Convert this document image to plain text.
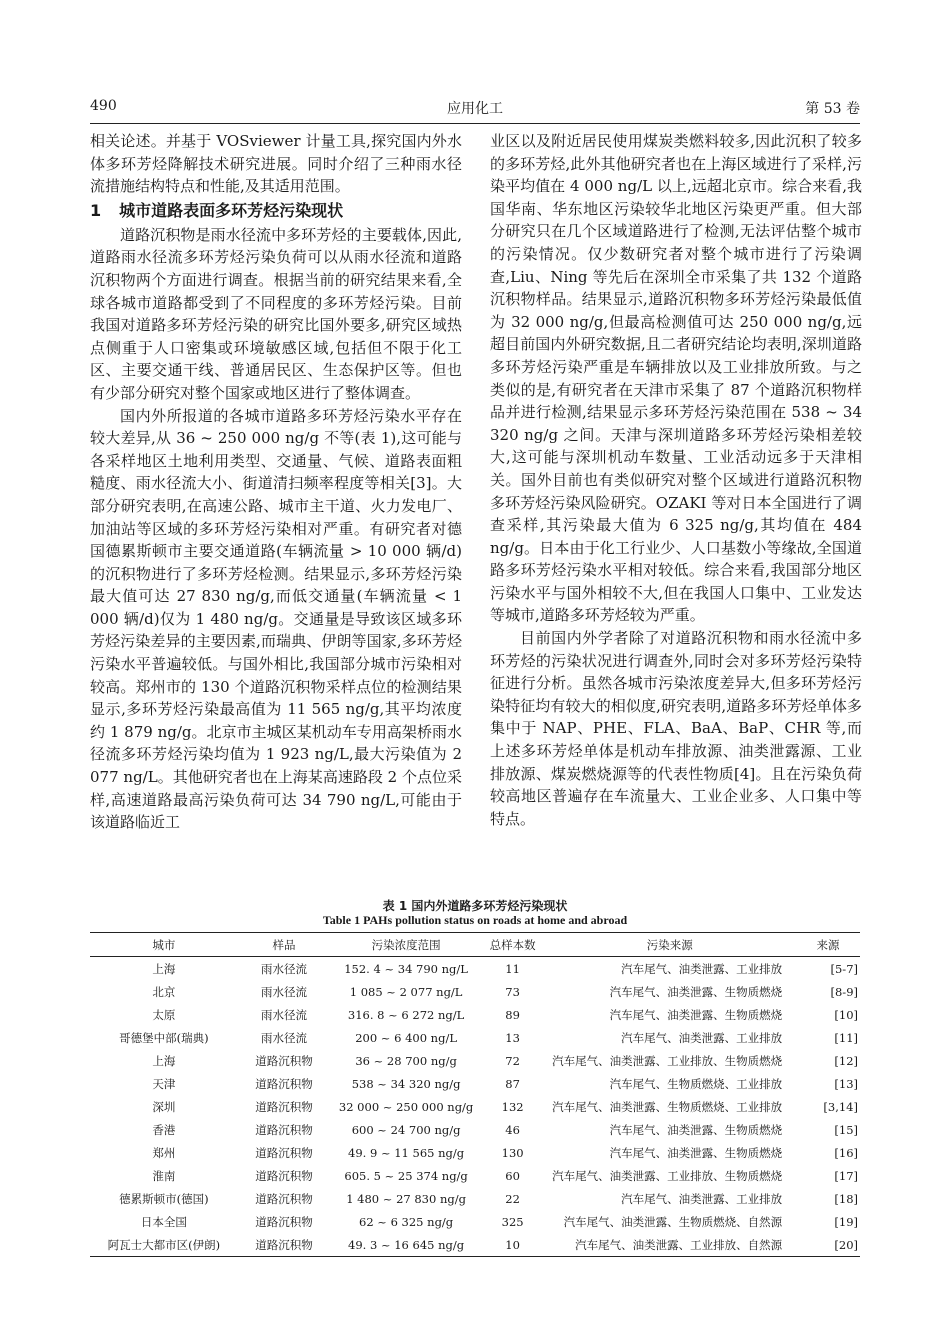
490	应用化工	第 53 卷

相关论述。并基于 VOSviewer 计量工具,探究国内外水体多环芳烃降解技术研究进展。同时介绍了三种雨水径流措施结构特点和性能,及其适用范围。

1 城市道路表面多环芳烃污染现状

道路沉积物是雨水径流中多环芳烃的主要载体,因此,道路雨水径流多环芳烃污染负荷可以从雨水径流和道路沉积物两个方面进行调查。根据当前的研究结果来看,全球各城市道路都受到了不同程度的多环芳烃污染。目前我国对道路多环芳烃污染的研究比国外要多,研究区域热点侧重于人口密集或环境敏感区域,包括但不限于化工区、主要交通干线、普通居民区、生态保护区等。但也有少部分研究对整个国家或地区进行了整体调查。

国内外所报道的各城市道路多环芳烃污染水平存在较大差异,从 36 ~ 250 000 ng/g 不等(表 1),这可能与各采样地区土地利用类型、交通量、气候、道路表面粗糙度、雨水径流大小、街道清扫频率程度等相关[3]。大部分研究表明,在高速公路、城市主干道、火力发电厂、加油站等区域的多环芳烃污染相对严重。有研究者对德国德累斯顿市主要交通道路(车辆流量 > 10 000 辆/d)的沉积物进行了多环芳烃检测。结果显示,多环芳烃污染最大值可达 27 830 ng/g,而低交通量(车辆流量 < 1 000 辆/d)仅为 1 480 ng/g。交通量是导致该区域多环芳烃污染差异的主要因素,而瑞典、伊朗等国家,多环芳烃污染水平普遍较低。与国外相比,我国部分城市污染相对较高。郑州市的 130 个道路沉积物采样点位的检测结果显示,多环芳烃污染最高值为 11 565 ng/g,其平均浓度约 1 879 ng/g。北京市主城区某机动车专用高架桥雨水径流多环芳烃污染均值为 1 923 ng/L,最大污染值为 2 077 ng/L。其他研究者也在上海某高速路段 2 个点位采样,高速道路最高污染负荷可达 34 790 ng/L,可能由于该道路临近工

业区以及附近居民使用煤炭类燃料较多,因此沉积了较多的多环芳烃,此外其他研究者也在上海区域进行了采样,污染平均值在 4 000 ng/L 以上,远超北京市。综合来看,我国华南、华东地区污染较华北地区污染更严重。但大部分研究只在几个区域道路进行了检测,无法评估整个城市的污染情况。仅少数研究者对整个城市进行了污染调查,Liu、Ning 等先后在深圳全市采集了共 132 个道路沉积物样品。结果显示,道路沉积物多环芳烃污染最低值为 32 000 ng/g,但最高检测值可达 250 000 ng/g,远超目前国内外研究数据,且二者研究结论均表明,深圳道路多环芳烃污染严重是车辆排放以及工业排放所致。与之类似的是,有研究者在天津市采集了 87 个道路沉积物样品并进行检测,结果显示多环芳烃污染范围在 538 ~ 34 320 ng/g 之间。天津与深圳道路多环芳烃污染相差较大,这可能与深圳机动车数量、工业活动远多于天津相关。国外目前也有类似研究对整个区域进行道路沉积物多环芳烃污染风险研究。OZAKI 等对日本全国进行了调查采样,其污染最大值为 6 325 ng/g,其均值在 484 ng/g。日本由于化工行业少、人口基数小等缘故,全国道路多环芳烃污染水平相对较低。综合来看,我国部分地区污染水平与国外相较不大,但在我国人口集中、工业发达等城市,道路多环芳烃较为严重。

目前国内外学者除了对道路沉积物和雨水径流中多环芳烃的污染状况进行调查外,同时会对多环芳烃污染特征进行分析。虽然各城市污染浓度差异大,但多环芳烃污染特征均有较大的相似度,研究表明,道路多环芳烃单体多集中于 NAP、PHE、FLA、BaA、BaP、CHR 等,而上述多环芳烃单体是机动车排放源、油类泄露源、工业排放源、煤炭燃烧源等的代表性物质[4]。且在污染负荷较高地区普遍存在车流量大、工业企业多、人口集中等特点。

表 1 国内外道路多环芳烃污染现状
Table 1 PAHs pollution status on roads at home and abroad
城市	样品	污染浓度范围	总样本数	污染来源	来源
上海	雨水径流	152. 4 ~ 34 790 ng/L	11	汽车尾气、油类泄露、工业排放	[5-7]
北京	雨水径流	1 085 ~ 2 077 ng/L	73	汽车尾气、油类泄露、生物质燃烧	[8-9]
太原	雨水径流	316. 8 ~ 6 272 ng/L	89	汽车尾气、油类泄露、生物质燃烧	[10]
哥德堡中部(瑞典)	雨水径流	200 ~ 6 400 ng/L	13	汽车尾气、油类泄露、工业排放	[11]
上海	道路沉积物	36 ~ 28 700 ng/g	72	汽车尾气、油类泄露、工业排放、生物质燃烧	[12]
天津	道路沉积物	538 ~ 34 320 ng/g	87	汽车尾气、生物质燃烧、工业排放	[13]
深圳	道路沉积物	32 000 ~ 250 000 ng/g	132	汽车尾气、油类泄露、生物质燃烧、工业排放	[3,14]
香港	道路沉积物	600 ~ 24 700 ng/g	46	汽车尾气、油类泄露、生物质燃烧	[15]
郑州	道路沉积物	49. 9 ~ 11 565 ng/g	130	汽车尾气、油类泄露、生物质燃烧	[16]
淮南	道路沉积物	605. 5 ~ 25 374 ng/g	60	汽车尾气、油类泄露、工业排放、生物质燃烧	[17]
德累斯顿市(德国)	道路沉积物	1 480 ~ 27 830 ng/g	22	汽车尾气、油类泄露、工业排放	[18]
日本全国	道路沉积物	62 ~ 6 325 ng/g	325	汽车尾气、油类泄露、生物质燃烧、自然源	[19]
阿瓦士大都市区(伊朗)	道路沉积物	49. 3 ~ 16 645 ng/g	10	汽车尾气、油类泄露、工业排放、自然源	[20]
